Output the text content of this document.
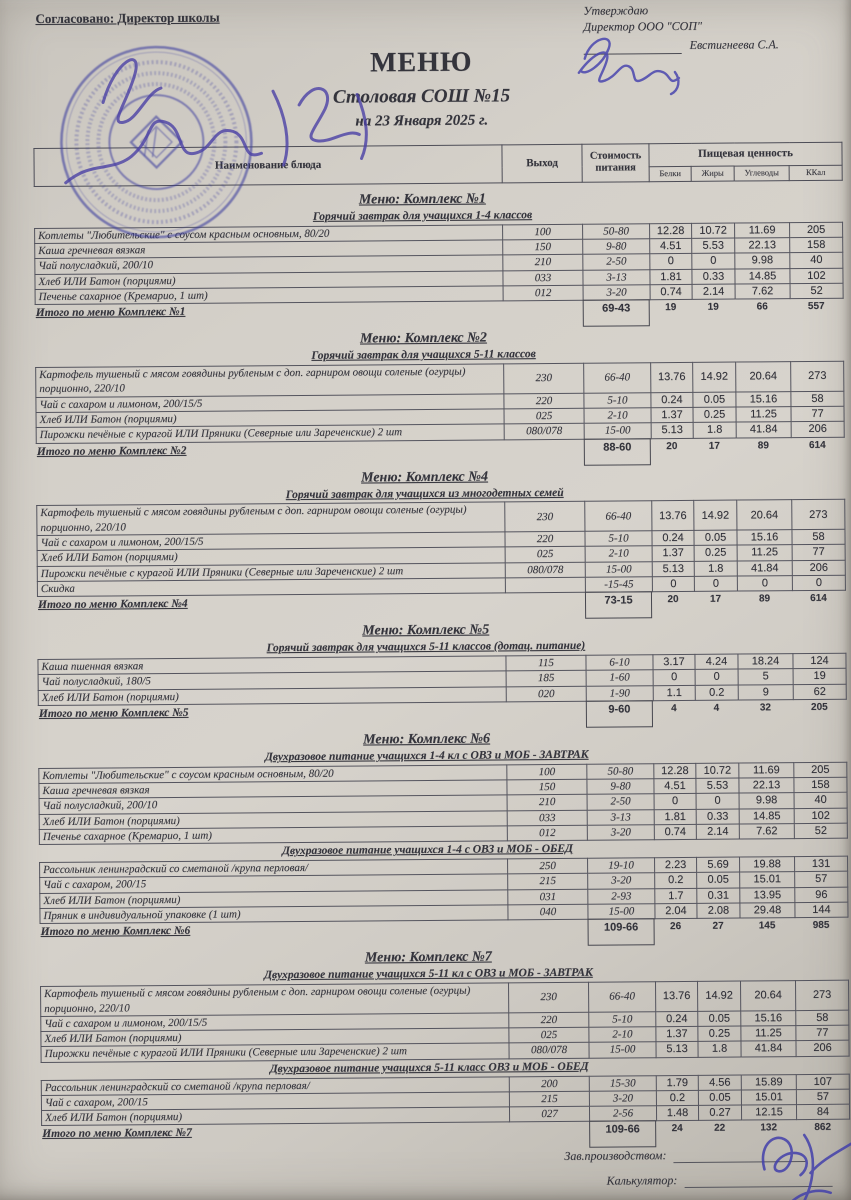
Согласовано: Директор школы	Утверждаю
Директор ООО "СОП"
Евстигнеева С.А.
МЕНЮ
Столовая СОШ №15
на 23 Января 2025 г.
Наименование блюда	Выход	Стоимость питания	Пищевая ценность			
			Белки	Жиры	Углеводы	ККал
Меню: Комплекс №1
Горячий завтрак для учащихся 1-4 классов
Котлеты "Любительские" с соусом красным основным, 80/20	100	50-80	12.28	10.72	11.69	205
Каша гречневая вязкая	150	9-80	4.51	5.53	22.13	158
Чай полусладкий, 200/10	210	2-50	0	0	9.98	40
Хлеб ИЛИ Батон (порциями)	033	3-13	1.81	0.33	14.85	102
Печенье сахарное (Кремарио, 1 шт)	012	3-20	0.74	2.14	7.62	52
Итого по меню Комплекс №1		69-43	19	19	66	557
Меню: Комплекс №2
Горячий завтрак для учащихся 5-11 классов
Картофель тушеный с мясом говядины рубленым с доп. гарниром овощи соленые (огурцы) порционно, 220/10	230	66-40	13.76	14.92	20.64	273
Чай с сахаром и лимоном, 200/15/5	220	5-10	0.24	0.05	15.16	58
Хлеб ИЛИ Батон (порциями)	025	2-10	1.37	0.25	11.25	77
Пирожки печёные с курагой ИЛИ Пряники (Северные или Зареченские) 2 шт	080/078	15-00	5.13	1.8	41.84	206
Итого по меню Комплекс №2		88-60	20	17	89	614
Меню: Комплекс №4
Горячий завтрак для учащихся из многодетных семей
Картофель тушеный с мясом говядины рубленым с доп. гарниром овощи соленые (огурцы) порционно, 220/10	230	66-40	13.76	14.92	20.64	273
Чай с сахаром и лимоном, 200/15/5	220	5-10	0.24	0.05	15.16	58
Хлеб ИЛИ Батон (порциями)	025	2-10	1.37	0.25	11.25	77
Пирожки печёные с курагой ИЛИ Пряники (Северные или Зареченские) 2 шт	080/078	15-00	5.13	1.8	41.84	206
Скидка		-15-45	0	0	0	0
Итого по меню Комплекс №4		73-15	20	17	89	614
Меню: Комплекс №5
Горячий завтрак для учащихся 5-11 классов (дотац. питание)
Каша пшенная вязкая	115	6-10	3.17	4.24	18.24	124
Чай полусладкий, 180/5	185	1-60	0	0	5	19
Хлеб ИЛИ Батон (порциями)	020	1-90	1.1	0.2	9	62
Итого по меню Комплекс №5		9-60	4	4	32	205
Меню: Комплекс №6
Двухразовое питание учащихся 1-4 кл с ОВЗ и МОБ - ЗАВТРАК
Котлеты "Любительские" с соусом красным основным, 80/20	100	50-80	12.28	10.72	11.69	205
Каша гречневая вязкая	150	9-80	4.51	5.53	22.13	158
Чай полусладкий, 200/10	210	2-50	0	0	9.98	40
Хлеб ИЛИ Батон (порциями)	033	3-13	1.81	0.33	14.85	102
Печенье сахарное (Кремарио, 1 шт)	012	3-20	0.74	2.14	7.62	52
Двухразовое питание учащихся 1-4 с ОВЗ и МОБ - ОБЕД
Рассольник ленинградский со сметаной /крупа перловая/	250	19-10	2.23	5.69	19.88	131
Чай с сахаром, 200/15	215	3-20	0.2	0.05	15.01	57
Хлеб ИЛИ Батон (порциями)	031	2-93	1.7	0.31	13.95	96
Пряник в индивидуальной упаковке (1 шт)	040	15-00	2.04	2.08	29.48	144
Итого по меню Комплекс №6		109-66	26	27	145	985
Меню: Комплекс №7
Двухразовое питание учащихся 5-11 кл с ОВЗ и МОБ - ЗАВТРАК
Картофель тушеный с мясом говядины рубленым с доп. гарниром овощи соленые (огурцы) порционно, 220/10	230	66-40	13.76	14.92	20.64	273
Чай с сахаром и лимоном, 200/15/5	220	5-10	0.24	0.05	15.16	58
Хлеб ИЛИ Батон (порциями)	025	2-10	1.37	0.25	11.25	77
Пирожки печёные с курагой ИЛИ Пряники (Северные или Зареченские) 2 шт	080/078	15-00	5.13	1.8	41.84	206
Двухразовое питание учащихся 5-11 класс ОВЗ и МОБ - ОБЕД
Рассольник ленинградский со сметаной /крупа перловая/	200	15-30	1.79	4.56	15.89	107
Чай с сахаром, 200/15	215	3-20	0.2	0.05	15.01	57
Хлеб ИЛИ Батон (порциями)	027	2-56	1.48	0.27	12.15	84
Итого по меню Комплекс №7		109-66	24	22	132	862
Зав.производством:
Калькулятор:
